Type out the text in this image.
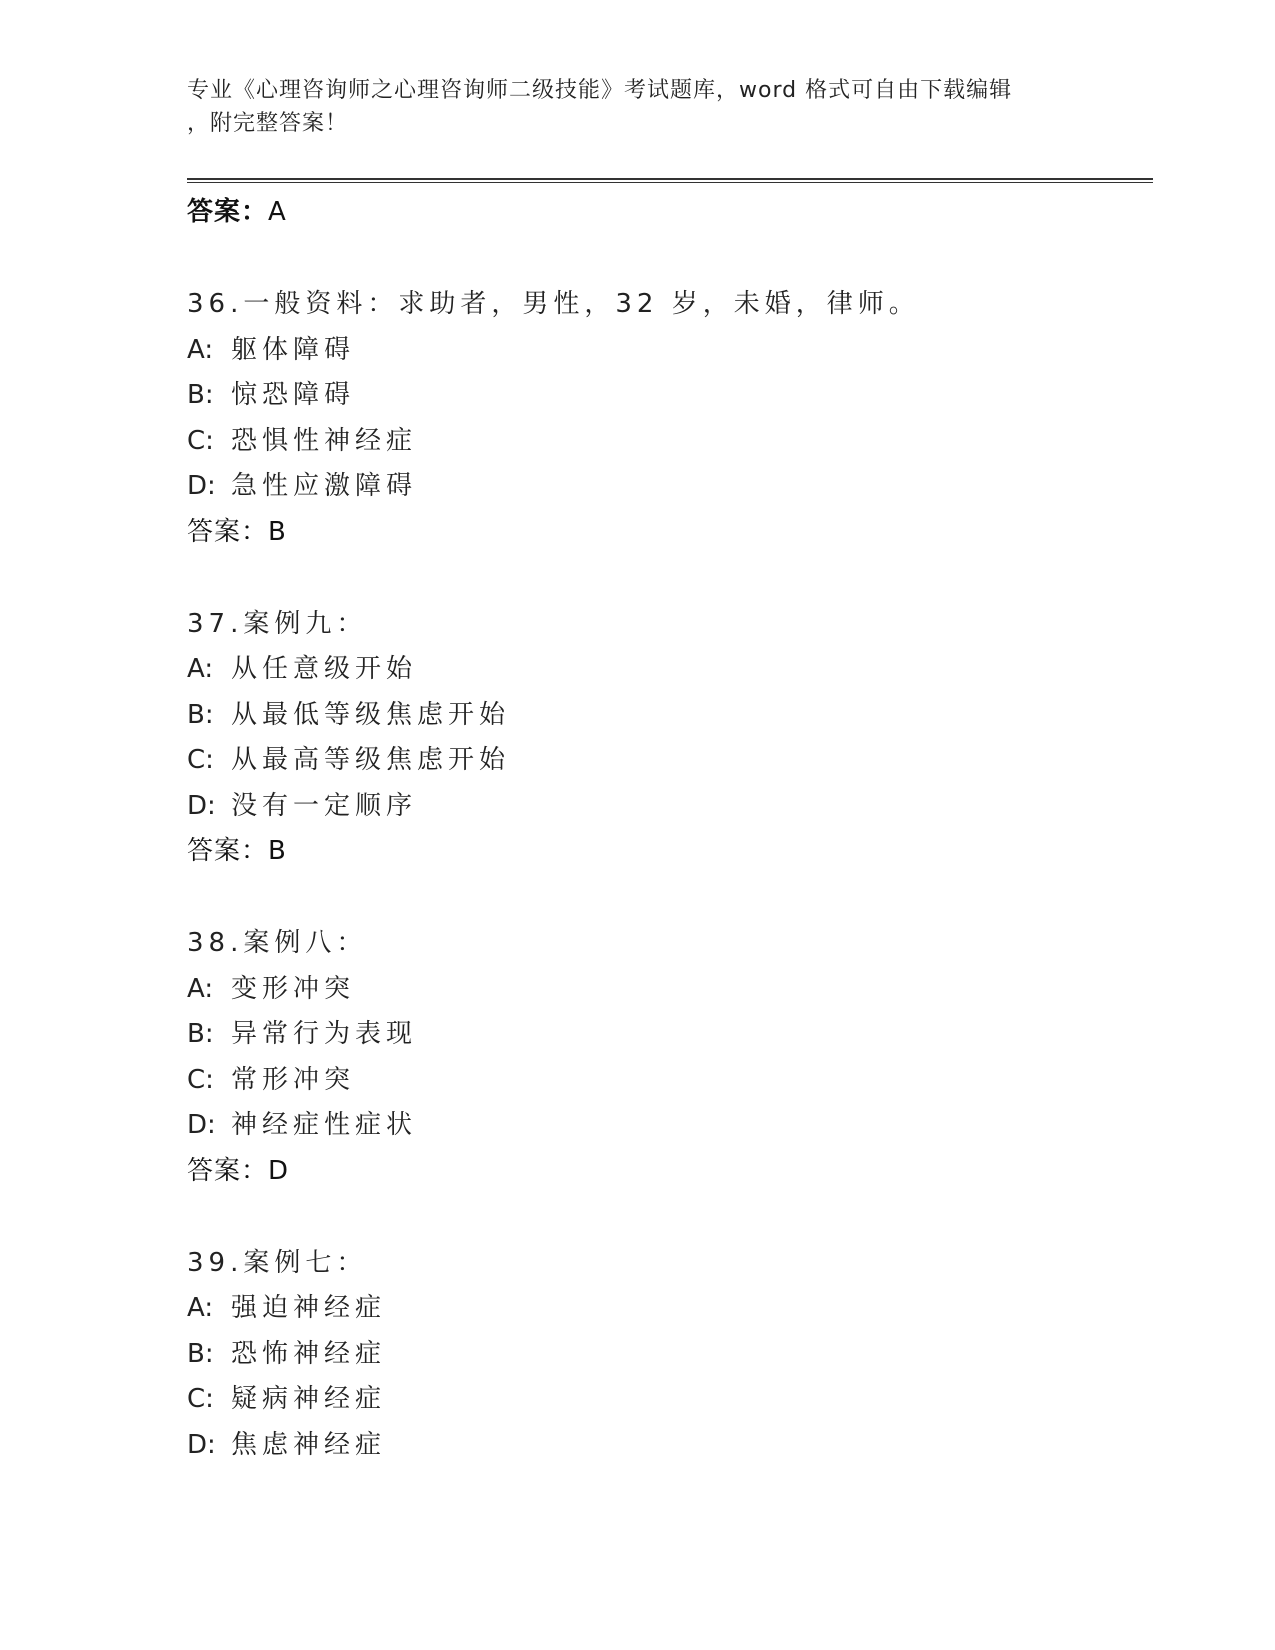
专业《心理咨询师之心理咨询师二级技能》考试题库，word 格式可自由下载编辑
，附完整答案！
答案：A
36.一般资料：求助者，男性，32 岁，未婚，律师。
A: 躯体障碍
B: 惊恐障碍
C: 恐惧性神经症
D: 急性应激障碍
答案：B
37.案例九：
A: 从任意级开始
B: 从最低等级焦虑开始
C: 从最高等级焦虑开始
D: 没有一定顺序
答案：B
38.案例八：
A: 变形冲突
B: 异常行为表现
C: 常形冲突
D: 神经症性症状
答案：D
39.案例七：
A: 强迫神经症
B: 恐怖神经症
C: 疑病神经症
D: 焦虑神经症
